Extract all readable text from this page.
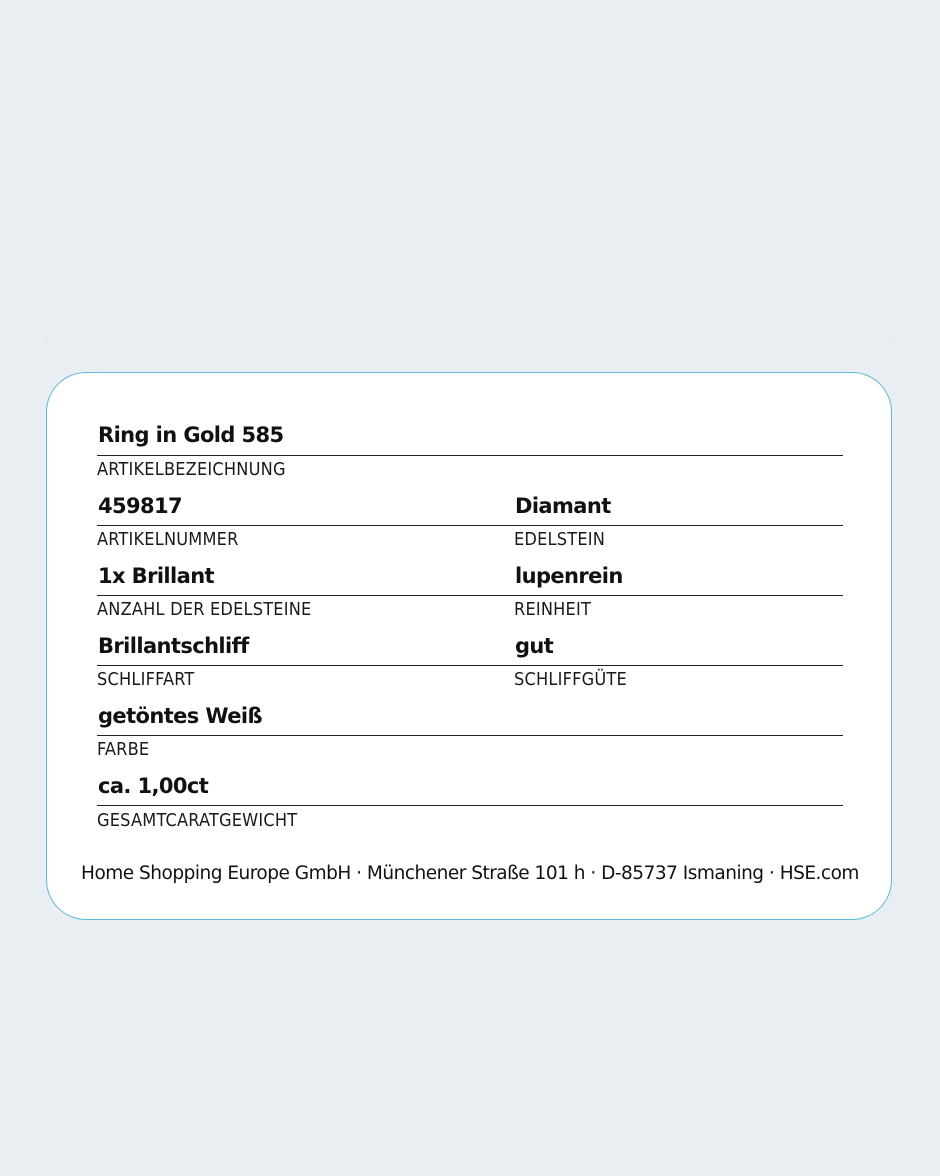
Ring in Gold 585
ARTIKELBEZEICHNUNG
459817	Diamant
ARTIKELNUMMER	EDELSTEIN
1x Brillant	lupenrein
ANZAHL DER EDELSTEINE	REINHEIT
Brillantschliff	gut
SCHLIFFART	SCHLIFFGÜTE
getöntes Weiß
FARBE
ca. 1,00ct
GESAMTCARATGEWICHT
Home Shopping Europe GmbH · Münchener Straße 101 h · D-85737 Ismaning · HSE.com
